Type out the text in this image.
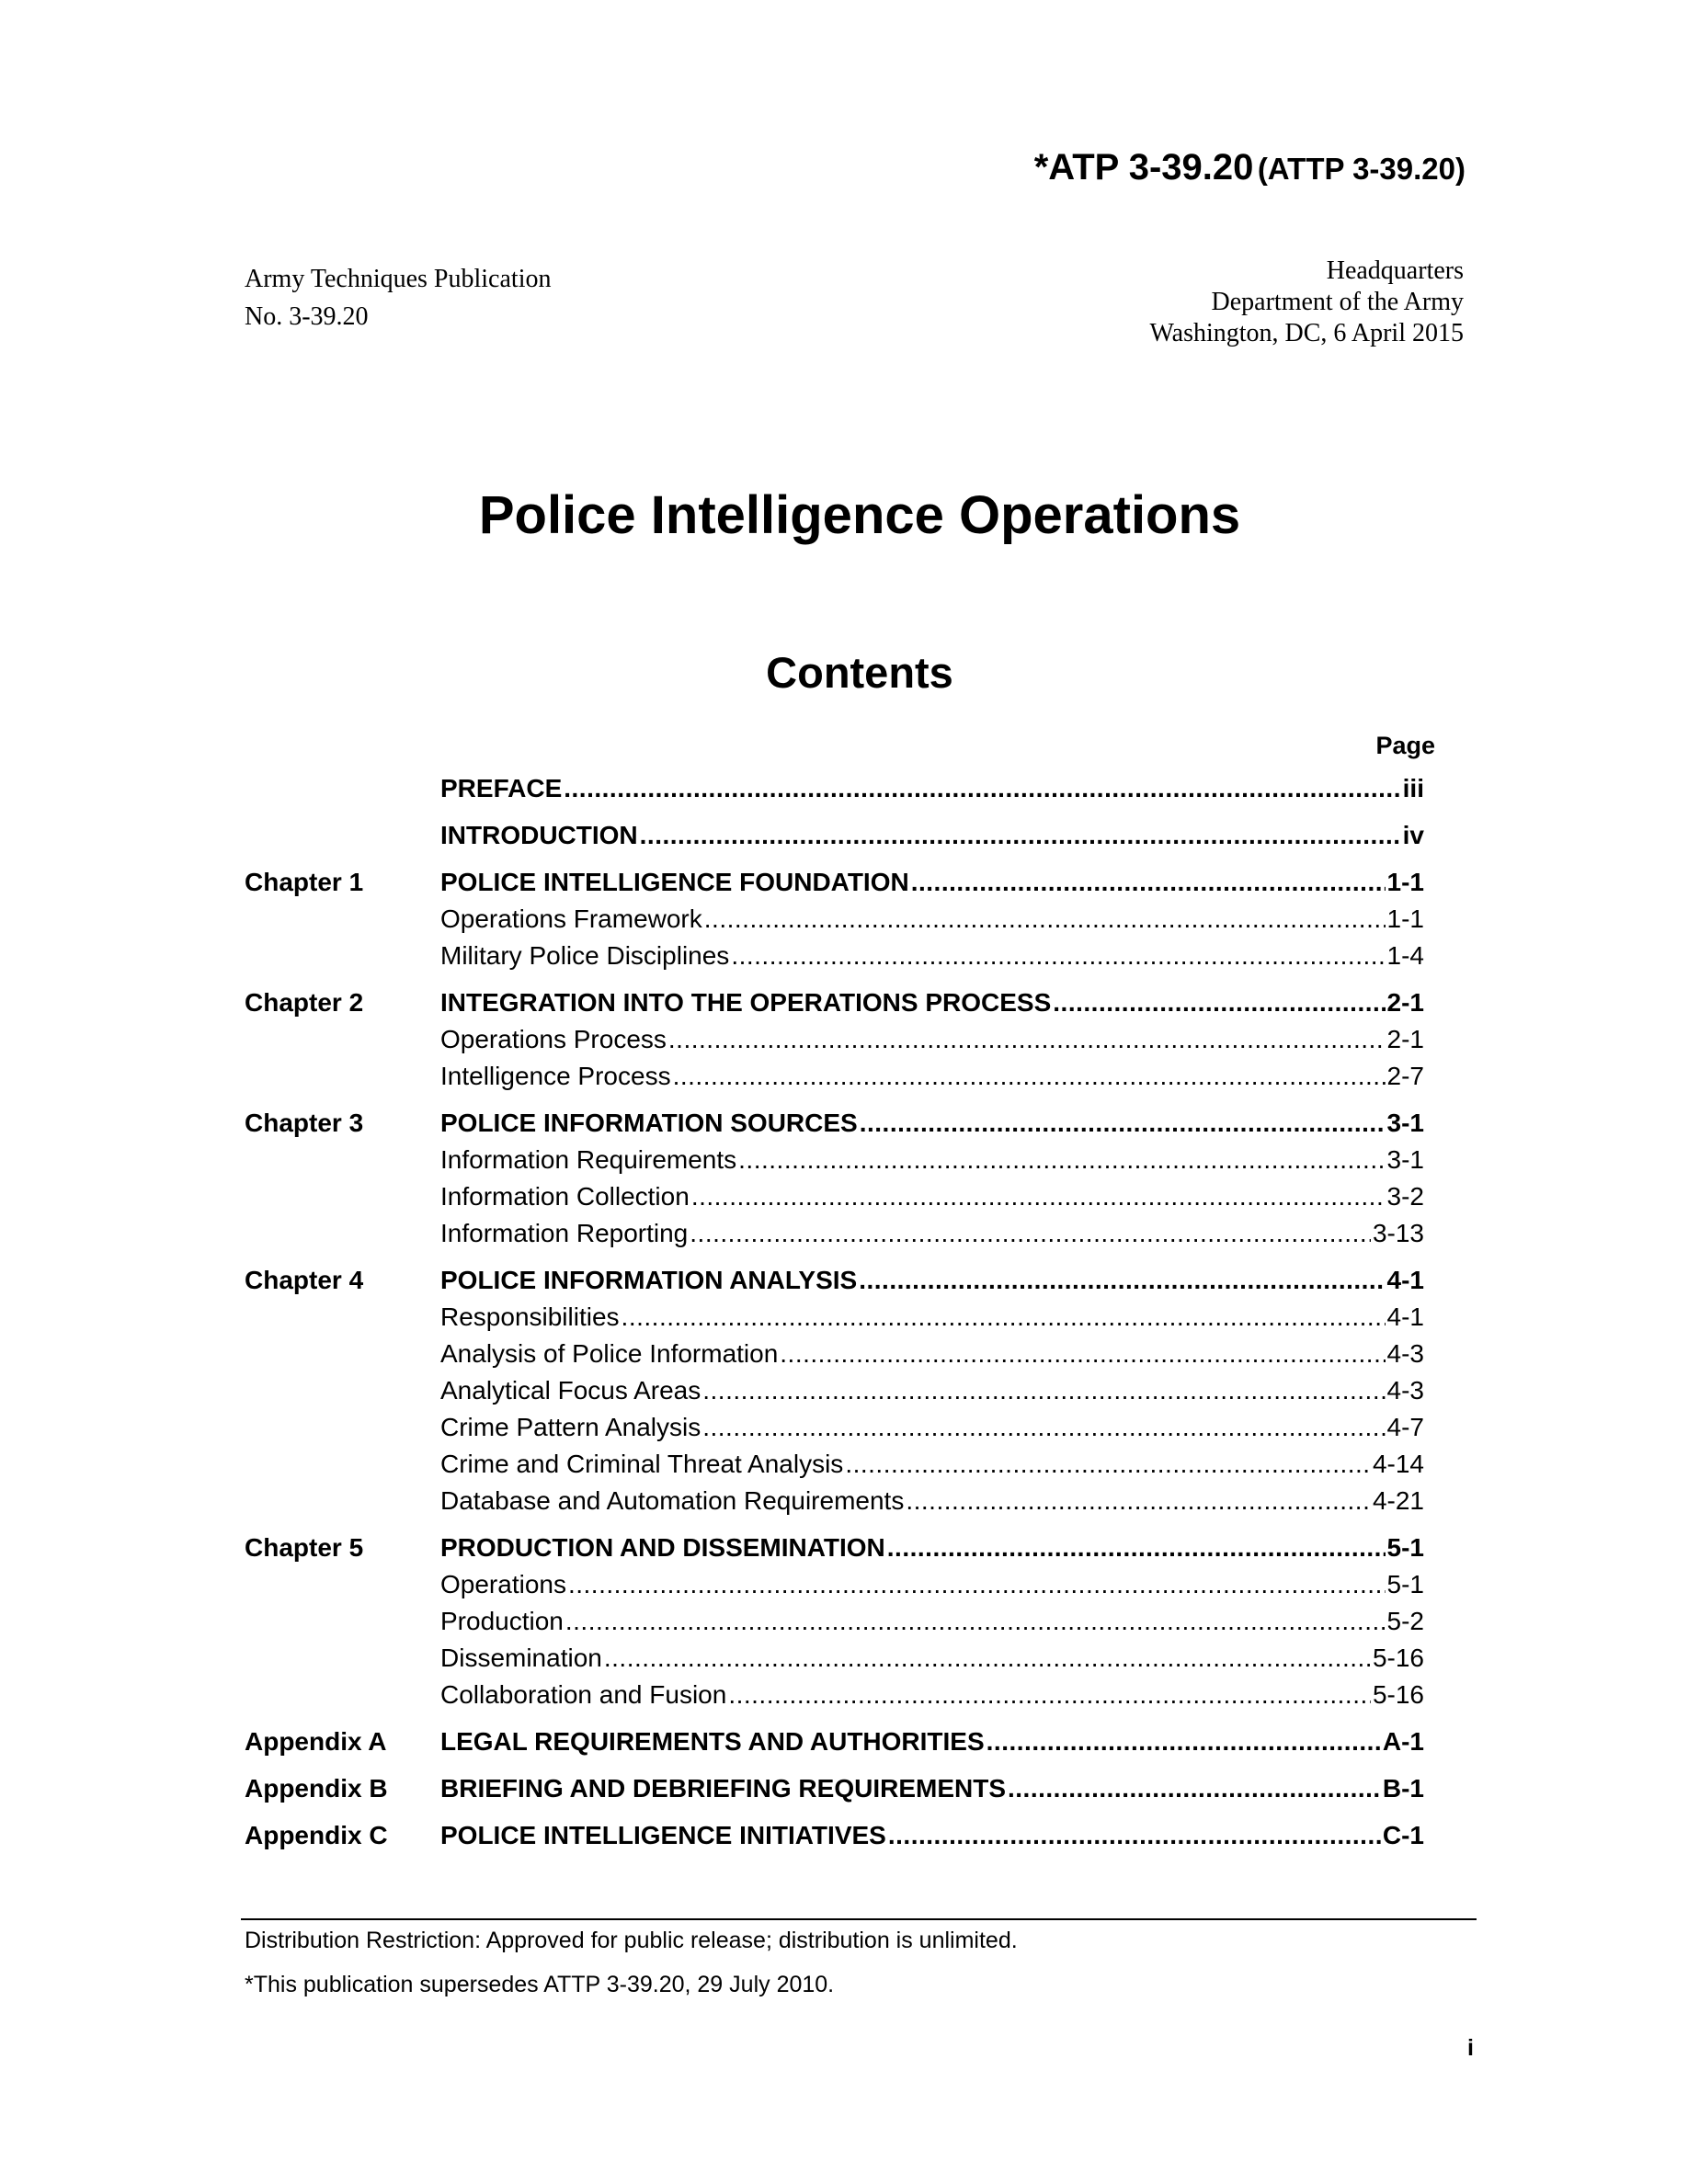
*ATP 3-39.20 (ATTP 3-39.20)
Army Techniques Publication
No. 3-39.20
Headquarters
Department of the Army
Washington, DC, 6 April 2015
Police Intelligence Operations
Contents
Page
PREFACE .....	iii
INTRODUCTION .....	iv
Chapter 1	POLICE INTELLIGENCE FOUNDATION .....	1-1
Operations Framework .....	1-1
Military Police Disciplines .....	1-4
Chapter 2	INTEGRATION INTO THE OPERATIONS PROCESS .....	2-1
Operations Process .....	2-1
Intelligence Process .....	2-7
Chapter 3	POLICE INFORMATION SOURCES .....	3-1
Information Requirements .....	3-1
Information Collection .....	3-2
Information Reporting .....	3-13
Chapter 4	POLICE INFORMATION ANALYSIS .....	4-1
Responsibilities .....	4-1
Analysis of Police Information .....	4-3
Analytical Focus Areas .....	4-3
Crime Pattern Analysis .....	4-7
Crime and Criminal Threat Analysis .....	4-14
Database and Automation Requirements .....	4-21
Chapter 5	PRODUCTION AND DISSEMINATION .....	5-1
Operations .....	5-1
Production .....	5-2
Dissemination .....	5-16
Collaboration and Fusion .....	5-16
Appendix A LEGAL REQUIREMENTS AND AUTHORITIES .....	A-1
Appendix B BRIEFING AND DEBRIEFING REQUIREMENTS .....	B-1
Appendix C POLICE INTELLIGENCE INITIATIVES .....	C-1
Distribution Restriction: Approved for public release; distribution is unlimited.
*This publication supersedes ATTP 3-39.20, 29 July 2010.
i
